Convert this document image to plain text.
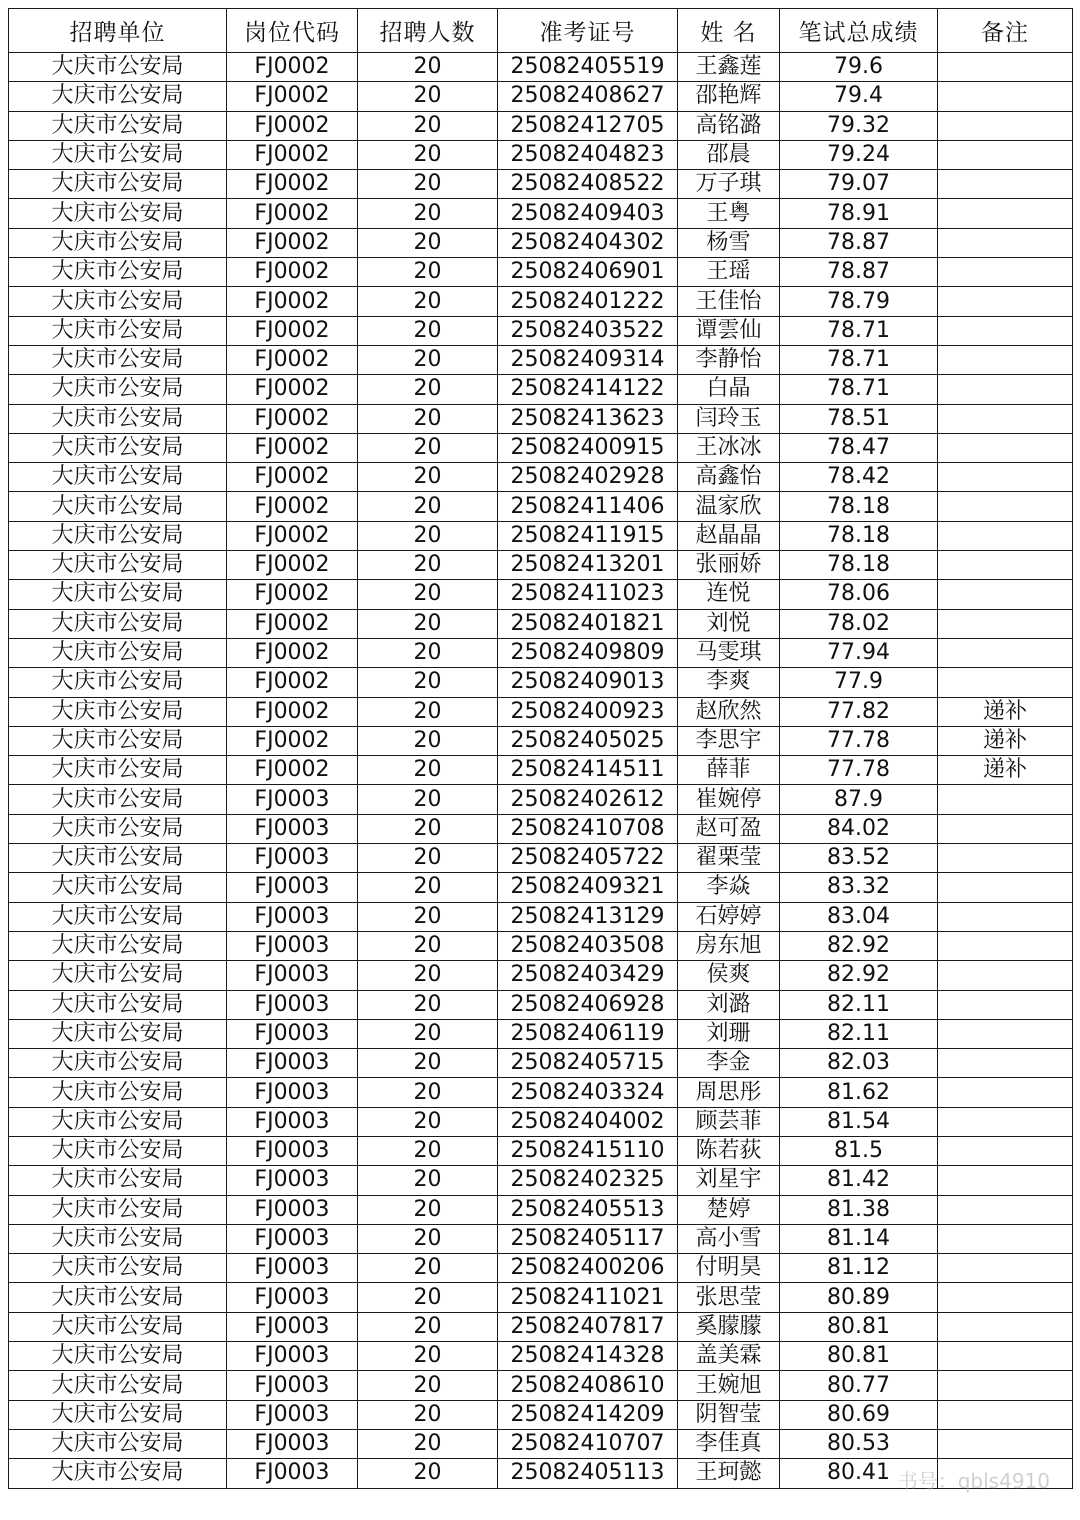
招聘单位	岗位代码	招聘人数	准考证号	姓 名	笔试总成绩	备注
大庆市公安局	FJ0002	20	25082405519	王鑫莲	79.6	
大庆市公安局	FJ0002	20	25082408627	邵艳辉	79.4	
大庆市公安局	FJ0002	20	25082412705	高铭潞	79.32	
大庆市公安局	FJ0002	20	25082404823	邵晨	79.24	
大庆市公安局	FJ0002	20	25082408522	万子琪	79.07	
大庆市公安局	FJ0002	20	25082409403	王粤	78.91	
大庆市公安局	FJ0002	20	25082404302	杨雪	78.87	
大庆市公安局	FJ0002	20	25082406901	王瑶	78.87	
大庆市公安局	FJ0002	20	25082401222	王佳怡	78.79	
大庆市公安局	FJ0002	20	25082403522	谭雲仙	78.71	
大庆市公安局	FJ0002	20	25082409314	李静怡	78.71	
大庆市公安局	FJ0002	20	25082414122	白晶	78.71	
大庆市公安局	FJ0002	20	25082413623	闫玲玉	78.51	
大庆市公安局	FJ0002	20	25082400915	王冰冰	78.47	
大庆市公安局	FJ0002	20	25082402928	高鑫怡	78.42	
大庆市公安局	FJ0002	20	25082411406	温家欣	78.18	
大庆市公安局	FJ0002	20	25082411915	赵晶晶	78.18	
大庆市公安局	FJ0002	20	25082413201	张丽娇	78.18	
大庆市公安局	FJ0002	20	25082411023	连悦	78.06	
大庆市公安局	FJ0002	20	25082401821	刘悦	78.02	
大庆市公安局	FJ0002	20	25082409809	马雯琪	77.94	
大庆市公安局	FJ0002	20	25082409013	李爽	77.9	
大庆市公安局	FJ0002	20	25082400923	赵欣然	77.82	递补
大庆市公安局	FJ0002	20	25082405025	李思宇	77.78	递补
大庆市公安局	FJ0002	20	25082414511	薛菲	77.78	递补
大庆市公安局	FJ0003	20	25082402612	崔婉停	87.9	
大庆市公安局	FJ0003	20	25082410708	赵可盈	84.02	
大庆市公安局	FJ0003	20	25082405722	翟栗莹	83.52	
大庆市公安局	FJ0003	20	25082409321	李焱	83.32	
大庆市公安局	FJ0003	20	25082413129	石婷婷	83.04	
大庆市公安局	FJ0003	20	25082403508	房东旭	82.92	
大庆市公安局	FJ0003	20	25082403429	侯爽	82.92	
大庆市公安局	FJ0003	20	25082406928	刘潞	82.11	
大庆市公安局	FJ0003	20	25082406119	刘珊	82.11	
大庆市公安局	FJ0003	20	25082405715	李金	82.03	
大庆市公安局	FJ0003	20	25082403324	周思彤	81.62	
大庆市公安局	FJ0003	20	25082404002	顾芸菲	81.54	
大庆市公安局	FJ0003	20	25082415110	陈若荻	81.5	
大庆市公安局	FJ0003	20	25082402325	刘星宇	81.42	
大庆市公安局	FJ0003	20	25082405513	楚婷	81.38	
大庆市公安局	FJ0003	20	25082405117	高小雪	81.14	
大庆市公安局	FJ0003	20	25082400206	付明昊	81.12	
大庆市公安局	FJ0003	20	25082411021	张思莹	80.89	
大庆市公安局	FJ0003	20	25082407817	奚朦朦	80.81	
大庆市公安局	FJ0003	20	25082414328	盖美霖	80.81	
大庆市公安局	FJ0003	20	25082408610	王婉旭	80.77	
大庆市公安局	FJ0003	20	25082414209	阴智莹	80.69	
大庆市公安局	FJ0003	20	25082410707	李佳真	80.53	
大庆市公安局	FJ0003	20	25082405113	王珂懿	80.41	书号：qbls4910
